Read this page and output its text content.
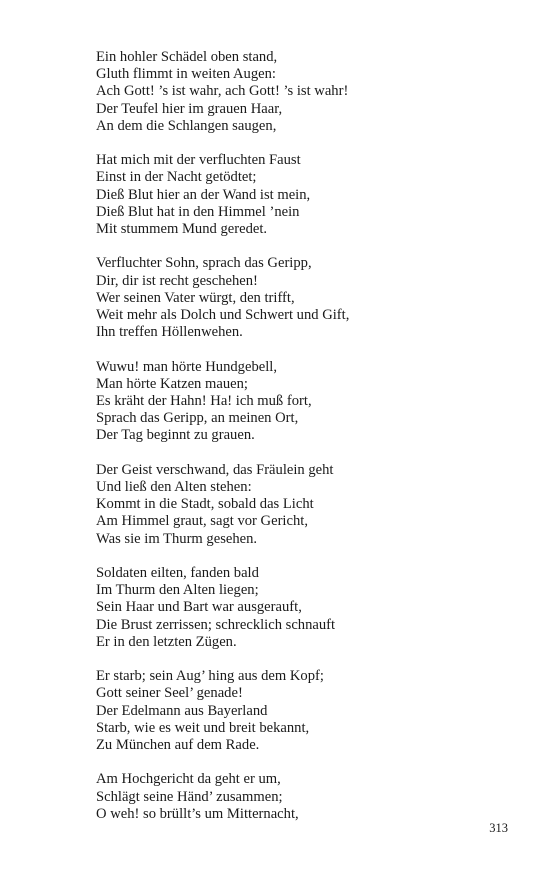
Ein hohler Schädel oben stand,
Gluth flimmt in weiten Augen:
Ach Gott! ’s ist wahr, ach Gott! ’s ist wahr!
Der Teufel hier im grauen Haar,
An dem die Schlangen saugen,
Hat mich mit der verfluchten Faust
Einst in der Nacht getödtet;
Dieß Blut hier an der Wand ist mein,
Dieß Blut hat in den Himmel ’nein
Mit stummem Mund geredet.
Verfluchter Sohn, sprach das Geripp,
Dir, dir ist recht geschehen!
Wer seinen Vater würgt, den trifft,
Weit mehr als Dolch und Schwert und Gift,
Ihn treffen Höllenwehen.
Wuwu! man hörte Hundgebell,
Man hörte Katzen mauen;
Es kräht der Hahn! Ha! ich muß fort,
Sprach das Geripp, an meinen Ort,
Der Tag beginnt zu grauen.
Der Geist verschwand, das Fräulein geht
Und ließ den Alten stehen:
Kommt in die Stadt, sobald das Licht
Am Himmel graut, sagt vor Gericht,
Was sie im Thurm gesehen.
Soldaten eilten, fanden bald
Im Thurm den Alten liegen;
Sein Haar und Bart war ausgerauft,
Die Brust zerrissen; schrecklich schnauft
Er in den letzten Zügen.
Er starb; sein Aug’ hing aus dem Kopf;
Gott seiner Seel’ genade!
Der Edelmann aus Bayerland
Starb, wie es weit und breit bekannt,
Zu München auf dem Rade.
Am Hochgericht da geht er um,
Schlägt seine Händ’ zusammen;
O weh! so brüllt’s um Mitternacht,
313
